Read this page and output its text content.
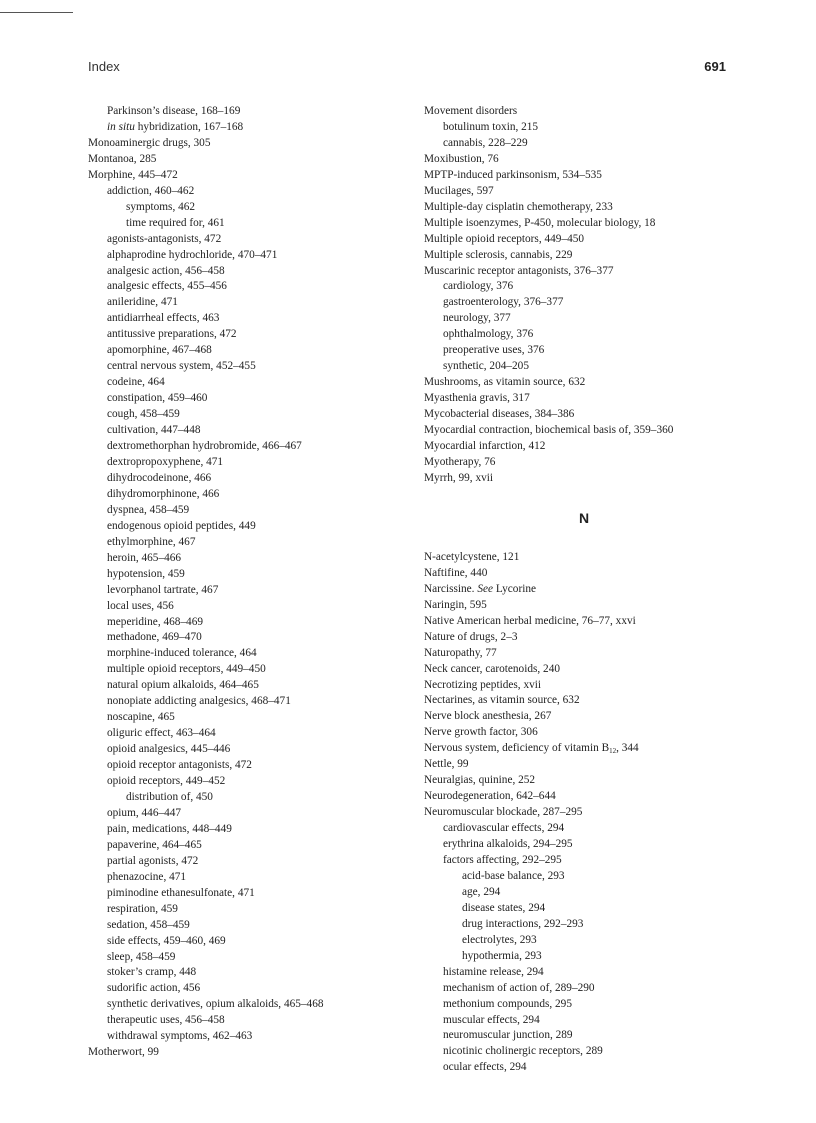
Index	691
Parkinson’s disease, 168–169
in situ hybridization, 167–168
Monoaminergic drugs, 305
Montanoa, 285
Morphine, 445–472
addiction, 460–462
symptoms, 462
time required for, 461
agonists-antagonists, 472
alphaprodine hydrochloride, 470–471
analgesic action, 456–458
analgesic effects, 455–456
anileridine, 471
antidiarrheal effects, 463
antitussive preparations, 472
apomorphine, 467–468
central nervous system, 452–455
codeine, 464
constipation, 459–460
cough, 458–459
cultivation, 447–448
dextromethorphan hydrobromide, 466–467
dextropropoxyphene, 471
dihydrocodeinone, 466
dihydromorphinone, 466
dyspnea, 458–459
endogenous opioid peptides, 449
ethylmorphine, 467
heroin, 465–466
hypotension, 459
levorphanol tartrate, 467
local uses, 456
meperidine, 468–469
methadone, 469–470
morphine-induced tolerance, 464
multiple opioid receptors, 449–450
natural opium alkaloids, 464–465
nonopiate addicting analgesics, 468–471
noscapine, 465
oliguric effect, 463–464
opioid analgesics, 445–446
opioid receptor antagonists, 472
opioid receptors, 449–452
distribution of, 450
opium, 446–447
pain, medications, 448–449
papaverine, 464–465
partial agonists, 472
phenazocine, 471
piminodine ethanesulfonate, 471
respiration, 459
sedation, 458–459
side effects, 459–460, 469
sleep, 458–459
stoker’s cramp, 448
sudorific action, 456
synthetic derivatives, opium alkaloids, 465–468
therapeutic uses, 456–458
withdrawal symptoms, 462–463
Motherwort, 99
Movement disorders
botulinum toxin, 215
cannabis, 228–229
Moxibustion, 76
MPTP-induced parkinsonism, 534–535
Mucilages, 597
Multiple-day cisplatin chemotherapy, 233
Multiple isoenzymes, P-450, molecular biology, 18
Multiple opioid receptors, 449–450
Multiple sclerosis, cannabis, 229
Muscarinic receptor antagonists, 376–377
cardiology, 376
gastroenterology, 376–377
neurology, 377
ophthalmology, 376
preoperative uses, 376
synthetic, 204–205
Mushrooms, as vitamin source, 632
Myasthenia gravis, 317
Mycobacterial diseases, 384–386
Myocardial contraction, biochemical basis of, 359–360
Myocardial infarction, 412
Myotherapy, 76
Myrrh, 99, xvii
N
N-acetylcystene, 121
Naftifine, 440
Narcissine. See Lycorine
Naringin, 595
Native American herbal medicine, 76–77, xxvi
Nature of drugs, 2–3
Naturopathy, 77
Neck cancer, carotenoids, 240
Necrotizing peptides, xvii
Nectarines, as vitamin source, 632
Nerve block anesthesia, 267
Nerve growth factor, 306
Nervous system, deficiency of vitamin $B_{12}$, 344
Nettle, 99
Neuralgias, quinine, 252
Neurodegeneration, 642–644
Neuromuscular blockade, 287–295
cardiovascular effects, 294
erythrina alkaloids, 294–295
factors affecting, 292–295
acid-base balance, 293
age, 294
disease states, 294
drug interactions, 292–293
electrolytes, 293
hypothermia, 293
histamine release, 294
mechanism of action of, 289–290
methonium compounds, 295
muscular effects, 294
neuromuscular junction, 289
nicotinic cholinergic receptors, 289
ocular effects, 294
